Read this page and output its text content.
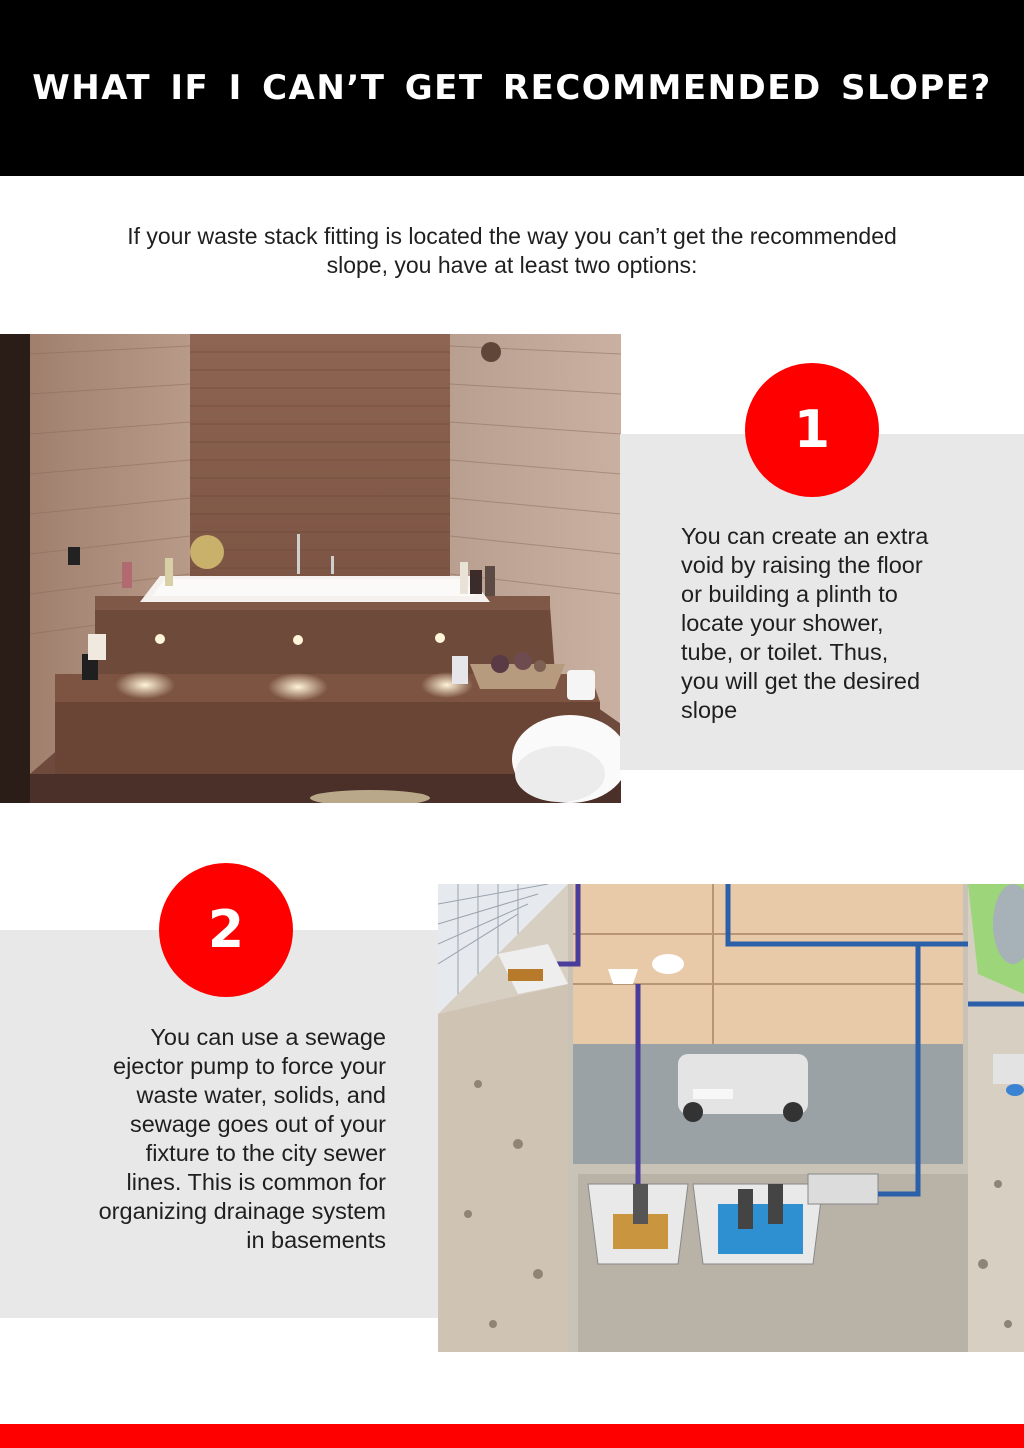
WHAT IF I CAN’T GET RECOMMENDED SLOPE?
If your waste stack fitting is located the way you can’t get the recommended
slope, you have at least two options:
1
You can create an extra
void by raising the floor
or building a plinth to
locate your shower,
tube, or toilet. Thus,
you will get the desired
slope
2
You can use a sewage
ejector pump to force your
waste water, solids, and
sewage goes out of your
fixture to the city sewer
lines. This is common for
organizing drainage system
in basements
